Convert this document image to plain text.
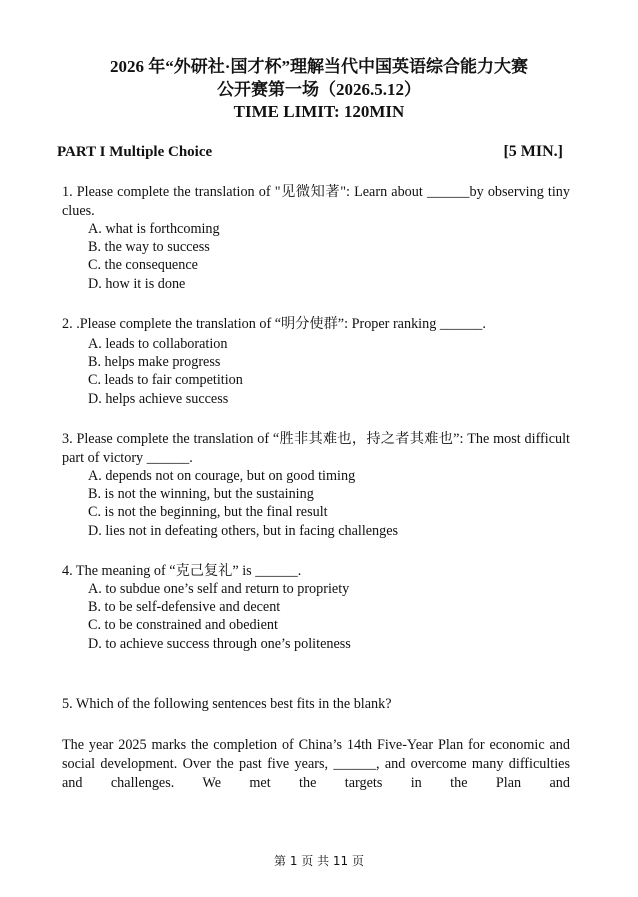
2026 年“外研社·国才杯”理解当代中国英语综合能力大赛
公开赛第一场（2026.5.12）
TIME LIMIT: 120MIN
PART I Multiple Choice	[5 MIN.]
1. Please complete the translation of "见微知著": Learn about ______by observing tiny clues.
A. what is forthcoming
B. the way to success
C. the consequence
D. how it is done
2. .Please complete the translation of “明分使群”: Proper ranking ______.
A. leads to collaboration
B. helps make progress
C. leads to fair competition
D. helps achieve success
3. Please complete the translation of “胜非其难也，持之者其难也”: The most difficult part of victory ______.
A. depends not on courage, but on good timing
B. is not the winning, but the sustaining
C. is not the beginning, but the final result
D. lies not in defeating others, but in facing challenges
4. The meaning of “克己复礼” is ______.
A. to subdue one’s self and return to propriety
B. to be self-defensive and decent
C. to be constrained and obedient
D. to achieve success through one’s politeness
5. Which of the following sentences best fits in the blank?
The year 2025 marks the completion of China’s 14th Five-Year Plan for economic and social development. Over the past five years, ______, and overcome many difficulties and challenges. We met the targets in the Plan and
第 1 页 共 11 页
